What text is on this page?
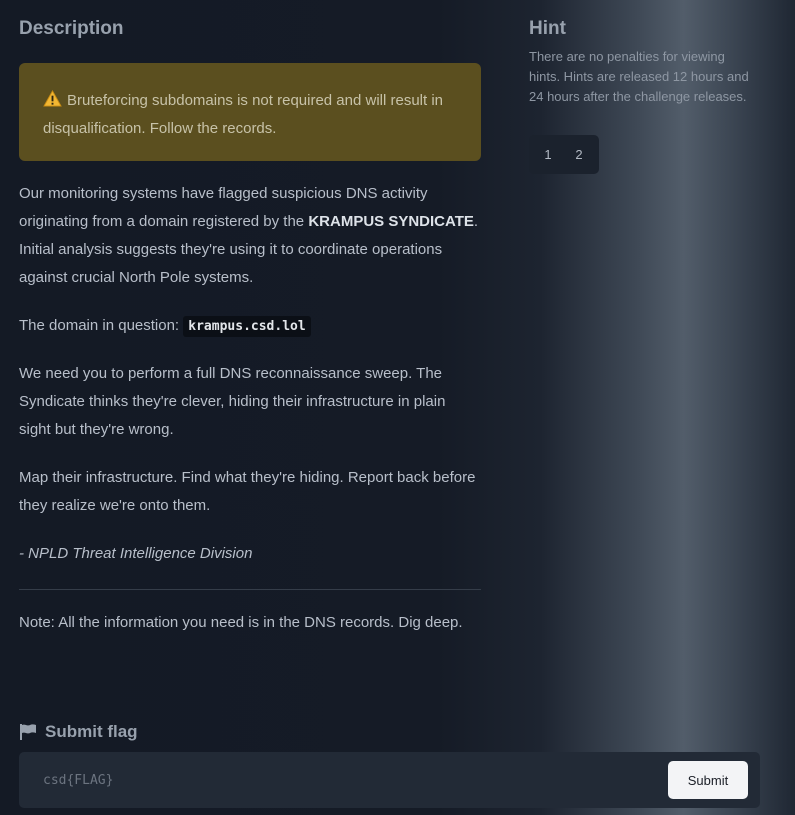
Description
Bruteforcing subdomains is not required and will result in disqualification. Follow the records.

Our monitoring systems have flagged suspicious DNS activity originating from a domain registered by the KRAMPUS SYNDICATE. Initial analysis suggests they're using it to coordinate operations against crucial North Pole systems.

The domain in question: krampus.csd.lol

We need you to perform a full DNS reconnaissance sweep. The Syndicate thinks they're clever, hiding their infrastructure in plain sight but they're wrong.

Map their infrastructure. Find what they're hiding. Report back before they realize we're onto them.

- NPLD Threat Intelligence Division

Note: All the information you need is in the DNS records. Dig deep.

Hint

There are no penalties for viewing hints. Hints are released 12 hours and 24 hours after the challenge releases.

1	2
Submit flag
csd{FLAG}
Submit
